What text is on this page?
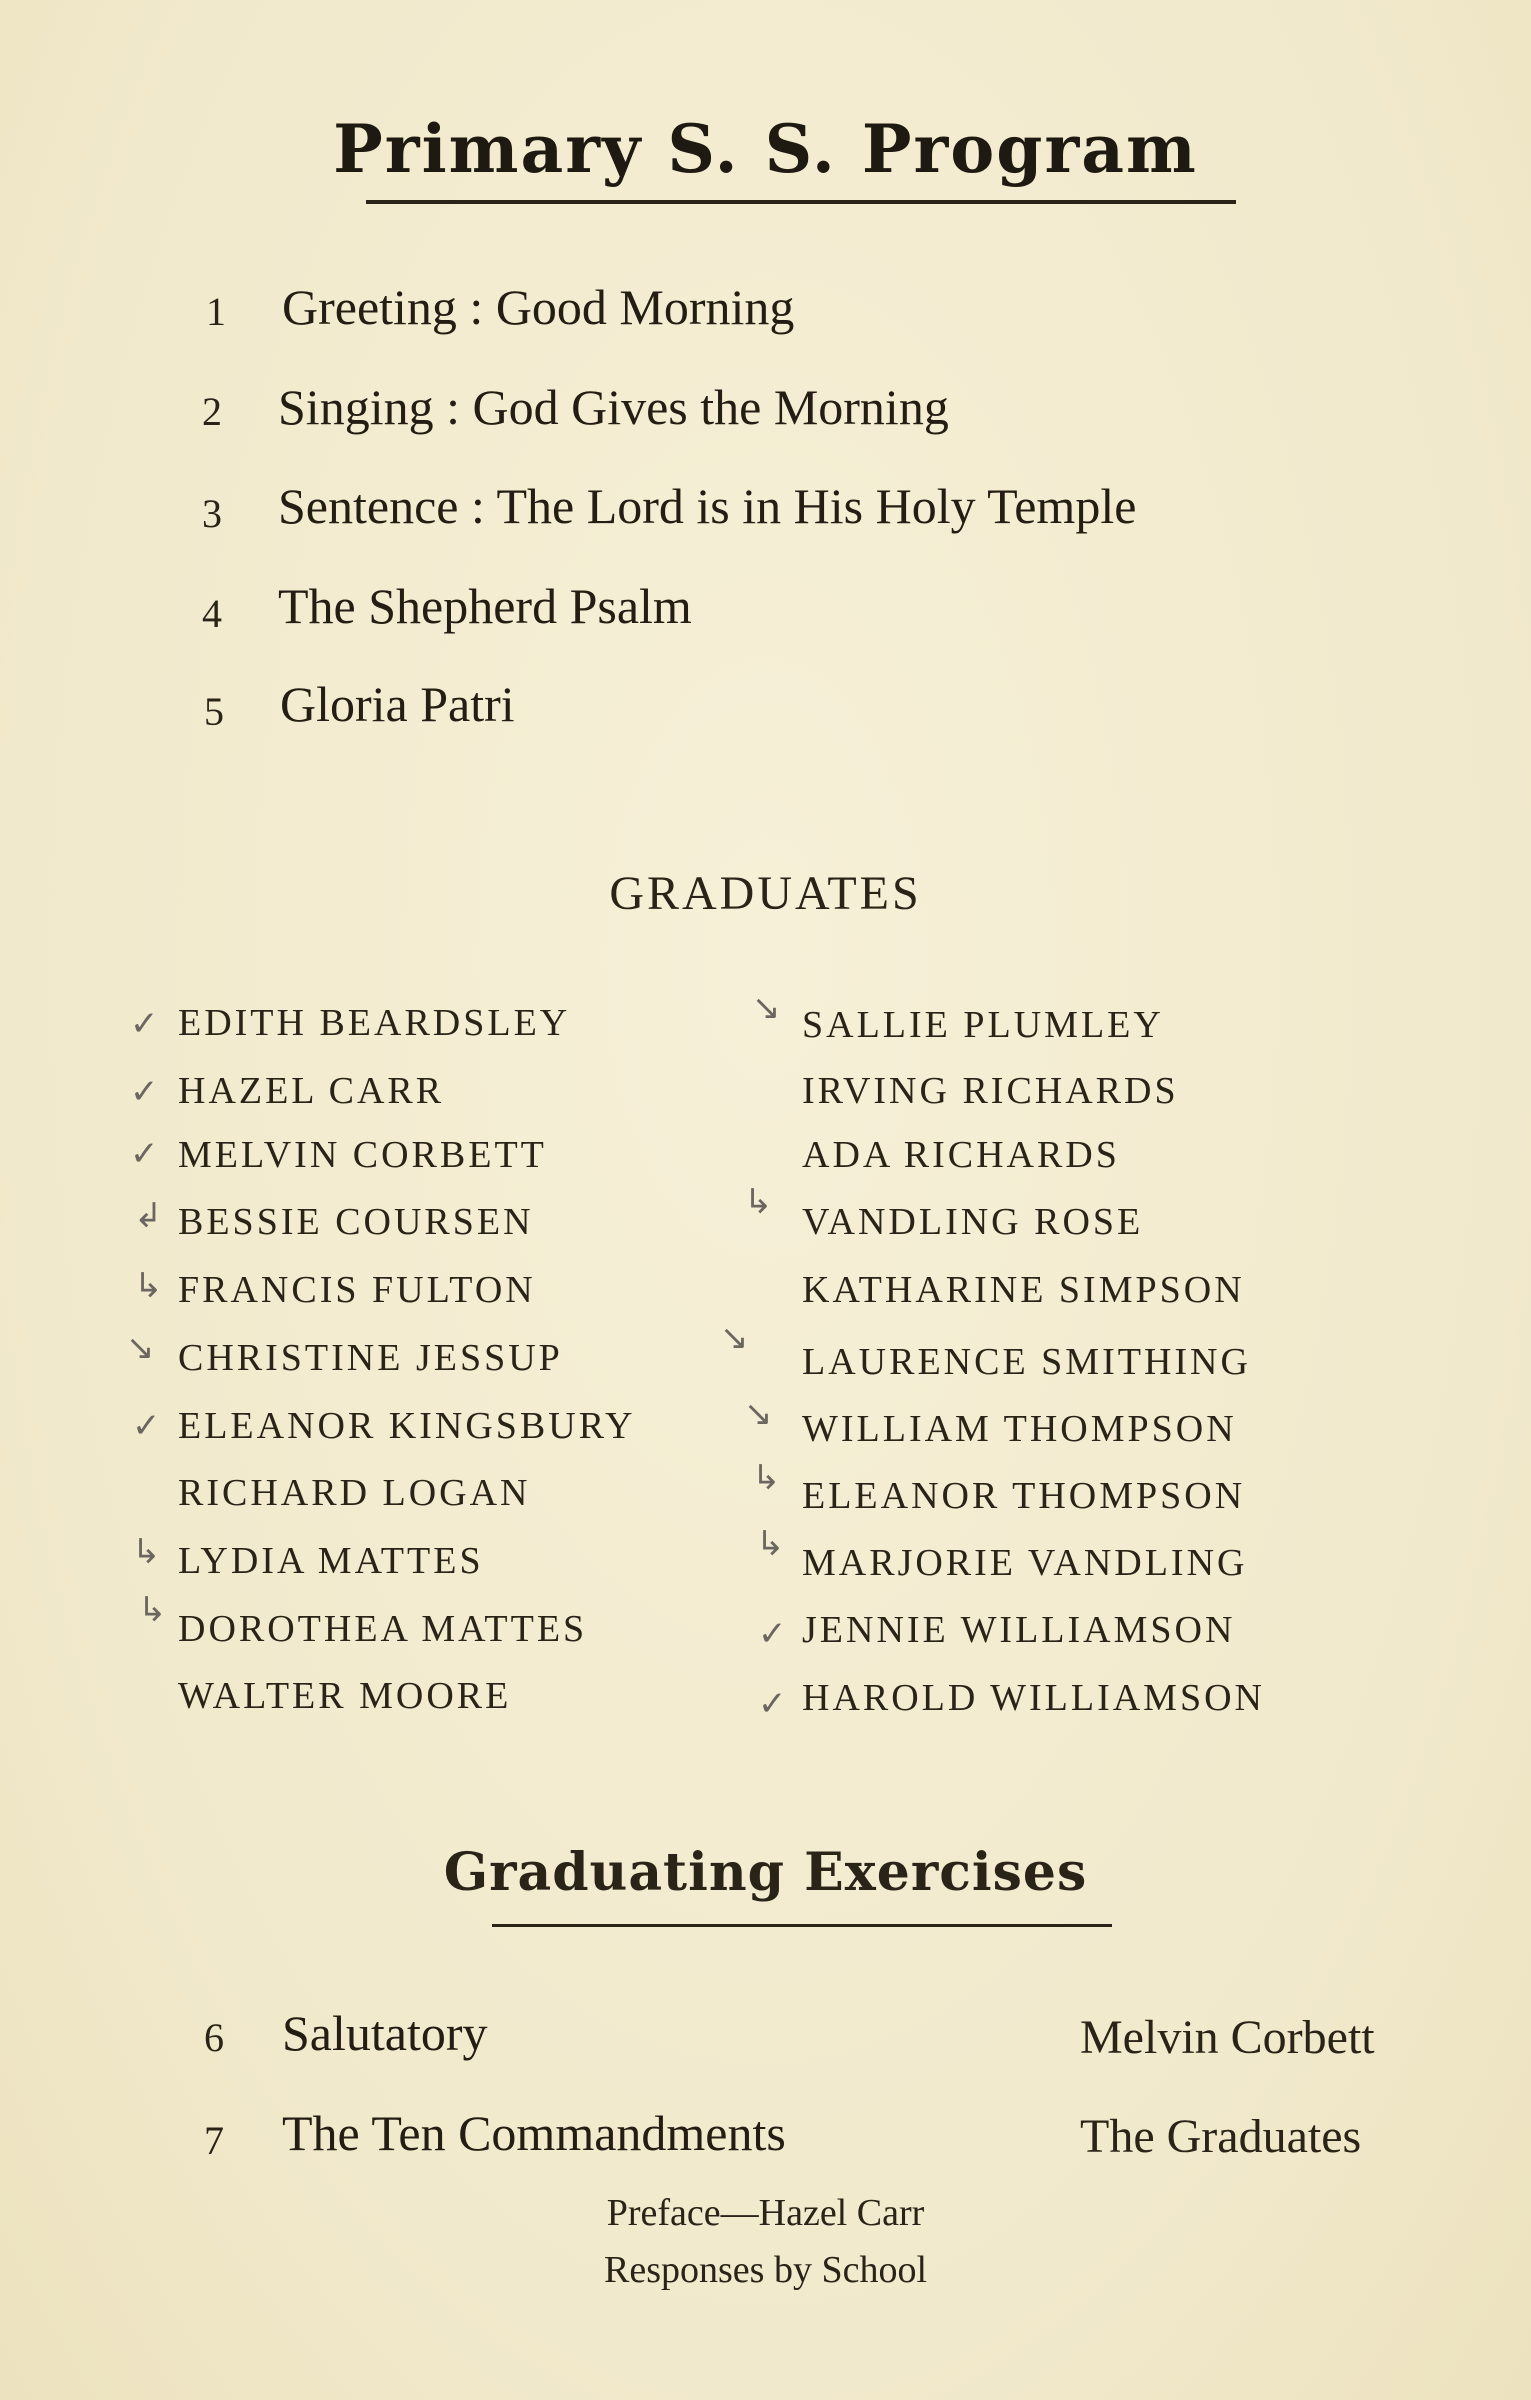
Primary S. S. Program
1 Greeting : Good Morning
2 Singing : God Gives the Morning
3 Sentence : The Lord is in His Holy Temple
4 The Shepherd Psalm
5 Gloria Patri
GRADUATES
EDITH BEARDSLEY
HAZEL CARR
MELVIN CORBETT
BESSIE COURSEN
FRANCIS FULTON
CHRISTINE JESSUP
ELEANOR KINGSBURY
RICHARD LOGAN
LYDIA MATTES
DOROTHEA MATTES
WALTER MOORE
SALLIE PLUMLEY
IRVING RICHARDS
ADA RICHARDS
VANDLING ROSE
KATHARINE SIMPSON
LAURENCE SMITHING
WILLIAM THOMPSON
ELEANOR THOMPSON
MARJORIE VANDLING
JENNIE WILLIAMSON
HAROLD WILLIAMSON
✓
✓
✓
↲
↳
↘
✓
↳
↳
↘
↳
↘
↘
↳
↳
✓
✓
Graduating Exercises
6 Salutatory	Melvin Corbett
7 The Ten Commandments	The Graduates
Preface—Hazel Carr
Responses by School
